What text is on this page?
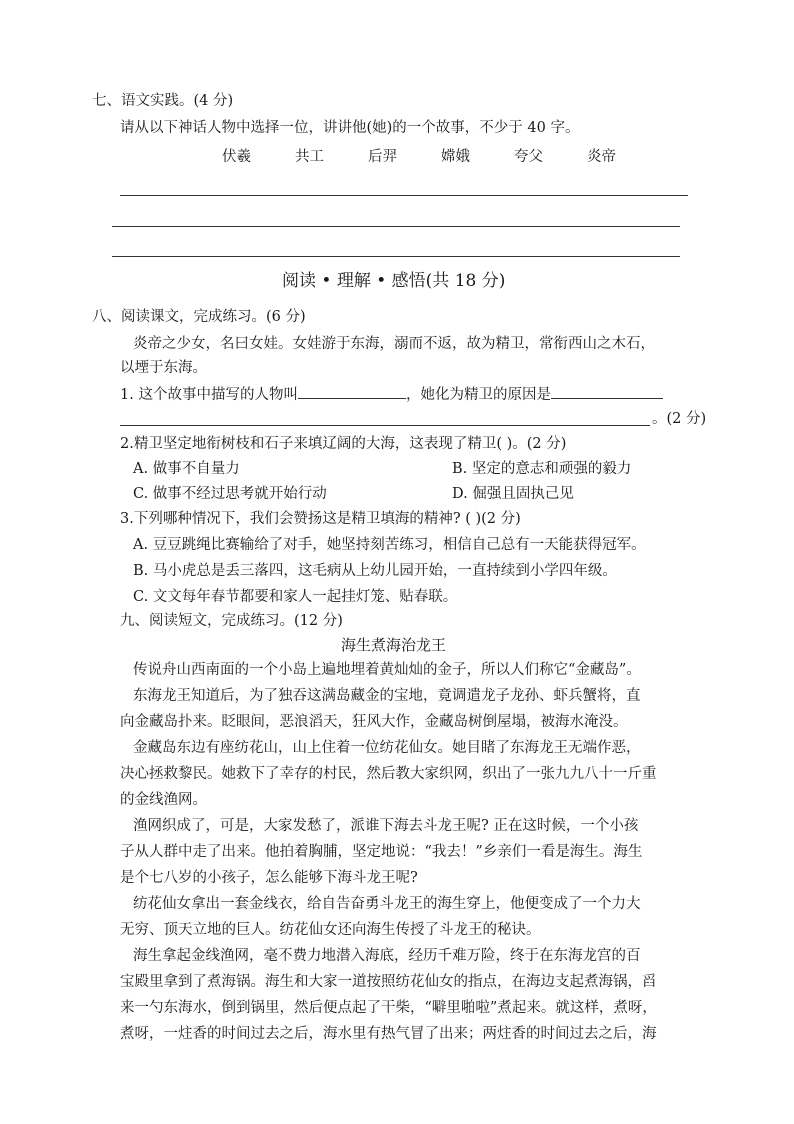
七、语文实践。(4 分)
请从以下神话人物中选择一位，讲讲他(她)的一个故事，不少于 40 字。
伏羲	共工	后羿	嫦娥	夸父	炎帝
阅读 • 理解 • 感悟(共 18 分)
八、阅读课文，完成练习。(6 分)
炎帝之少女，名曰女娃。女娃游于东海，溺而不返，故为精卫，常衔西山之木石，
以堙于东海。
1. 这个故事中描写的人物叫	，她化为精卫的原因是
。(2 分)
2.精卫坚定地衔树枝和石子来填辽阔的大海，这表现了精卫( )。(2 分)
A. 做事不自量力	B. 坚定的意志和顽强的毅力
C. 做事不经过思考就开始行动	D. 倔强且固执己见
3.下列哪种情况下，我们会赞扬这是精卫填海的精神? ( )(2 分)
A. 豆豆跳绳比赛输给了对手，她坚持刻苦练习，相信自己总有一天能获得冠军。
B. 马小虎总是丢三落四，这毛病从上幼儿园开始，一直持续到小学四年级。
C. 文文每年春节都要和家人一起挂灯笼、贴春联。
九、阅读短文，完成练习。(12 分)
海生煮海治龙王
传说舟山西南面的一个小岛上遍地埋着黄灿灿的金子，所以人们称它“金藏岛”。
东海龙王知道后，为了独吞这满岛藏金的宝地，竟调遣龙子龙孙、虾兵蟹将，直
向金藏岛扑来。眨眼间，恶浪滔天，狂风大作，金藏岛树倒屋塌，被海水淹没。
金藏岛东边有座纺花山，山上住着一位纺花仙女。她目睹了东海龙王无端作恶，
决心拯救黎民。她救下了幸存的村民，然后教大家织网，织出了一张九九八十一斤重
的金线渔网。
渔网织成了，可是，大家发愁了，派谁下海去斗龙王呢? 正在这时候，一个小孩
子从人群中走了出来。他拍着胸脯，坚定地说：“我去！”乡亲们一看是海生。海生
是个七八岁的小孩子，怎么能够下海斗龙王呢?
纺花仙女拿出一套金线衣，给自告奋勇斗龙王的海生穿上，他便变成了一个力大
无穷、顶天立地的巨人。纺花仙女还向海生传授了斗龙王的秘诀。
海生拿起金线渔网，毫不费力地潜入海底，经历千难万险，终于在东海龙宫的百
宝殿里拿到了煮海锅。海生和大家一道按照纺花仙女的指点，在海边支起煮海锅，舀
来一勺东海水，倒到锅里，然后便点起了干柴，“噼里啪啦”煮起来。就这样，煮呀，
煮呀，一炷香的时间过去之后，海水里有热气冒了出来；两炷香的时间过去之后，海
